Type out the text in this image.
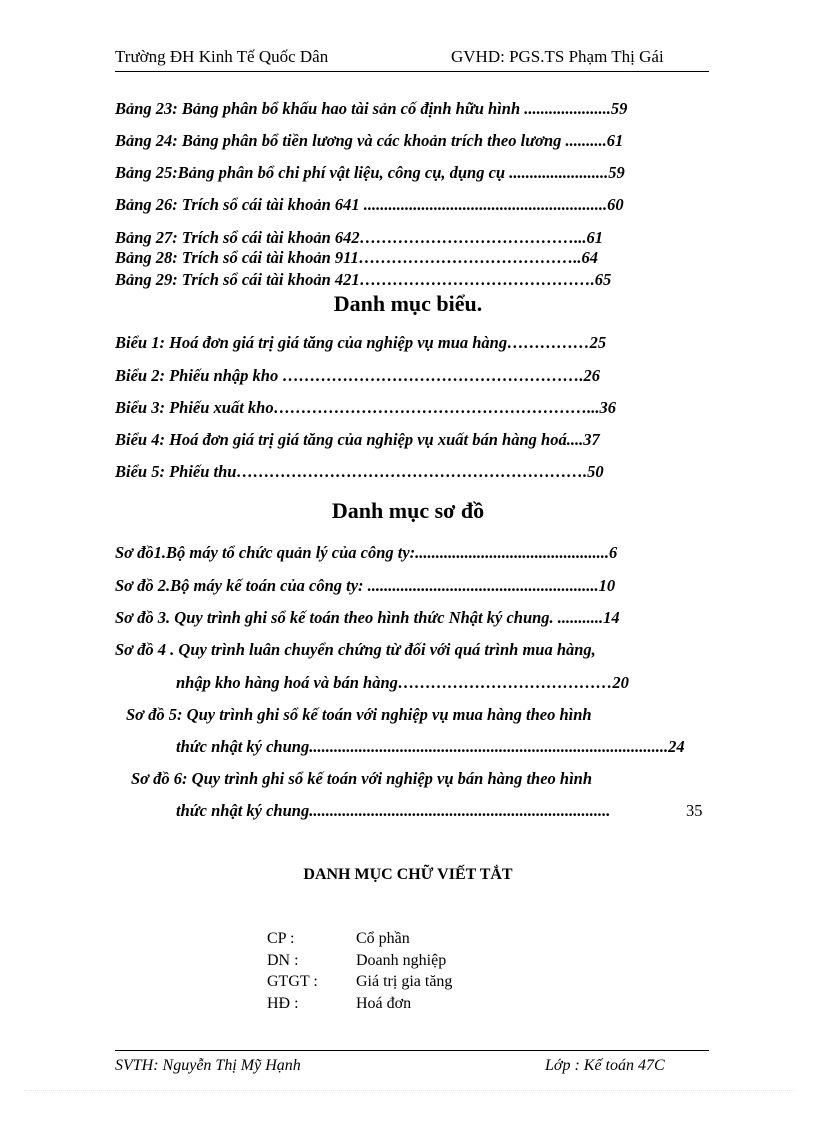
Trường ĐH Kinh Tế Quốc Dân	GVHD: PGS.TS Phạm Thị Gái
Bảng 23: Bảng phân bổ khấu hao tài sản cố định hữu hình .....................59
Bảng 24: Bảng phân bổ tiền lương và các khoản trích theo lương ..........61
Bảng 25:Bảng phân bổ chi phí vật liệu, công cụ, dụng cụ ........................59
Bảng 26: Trích sổ cái tài khoản 641 ...........................................................60
Bảng 27: Trích sổ cái tài khoản 642…………………………………...61
Bảng 28: Trích sổ cái tài khoản 911…………………………………..64
Bảng 29: Trích sổ cái tài khoản 421…………………………………….65
Danh mục biểu.
Biểu 1: Hoá đơn giá trị giá tăng của nghiệp vụ mua hàng……………25
Biểu 2: Phiếu nhập kho ……………………………………………….26
Biểu 3: Phiếu xuất kho…………………………………………………...36
Biểu 4: Hoá đơn giá trị giá tăng của nghiệp vụ xuất bán hàng hoá....37
Biểu 5: Phiếu thu……………………………………………………….50
Danh mục sơ đồ
Sơ đồ1.Bộ máy tổ chức quản lý của công ty:...............................................6
Sơ đồ 2.Bộ máy kế toán của công ty: ........................................................10
Sơ đồ 3. Quy trình ghi sổ kế toán theo hình thức Nhật ký chung. ...........14
Sơ đồ 4 . Quy trình luân chuyển chứng từ đối với quá trình mua hàng,
nhập kho hàng hoá và bán hàng…………………………………20
Sơ đồ 5: Quy trình ghi sổ kế toán với nghiệp vụ mua hàng theo hình
thức nhật ký chung.......................................................................................24
Sơ đồ 6: Quy trình ghi sổ kế toán với nghiệp vụ bán hàng theo hình
thức nhật ký chung.........................................................................	35
DANH MỤC CHỮ VIẾT TẮT
CP :	Cổ phần
DN :	Doanh nghiệp
GTGT : Giá trị gia tăng
HĐ :	Hoá đơn
SVTH: Nguyễn Thị Mỹ Hạnh	Lớp : Kế toán 47C
